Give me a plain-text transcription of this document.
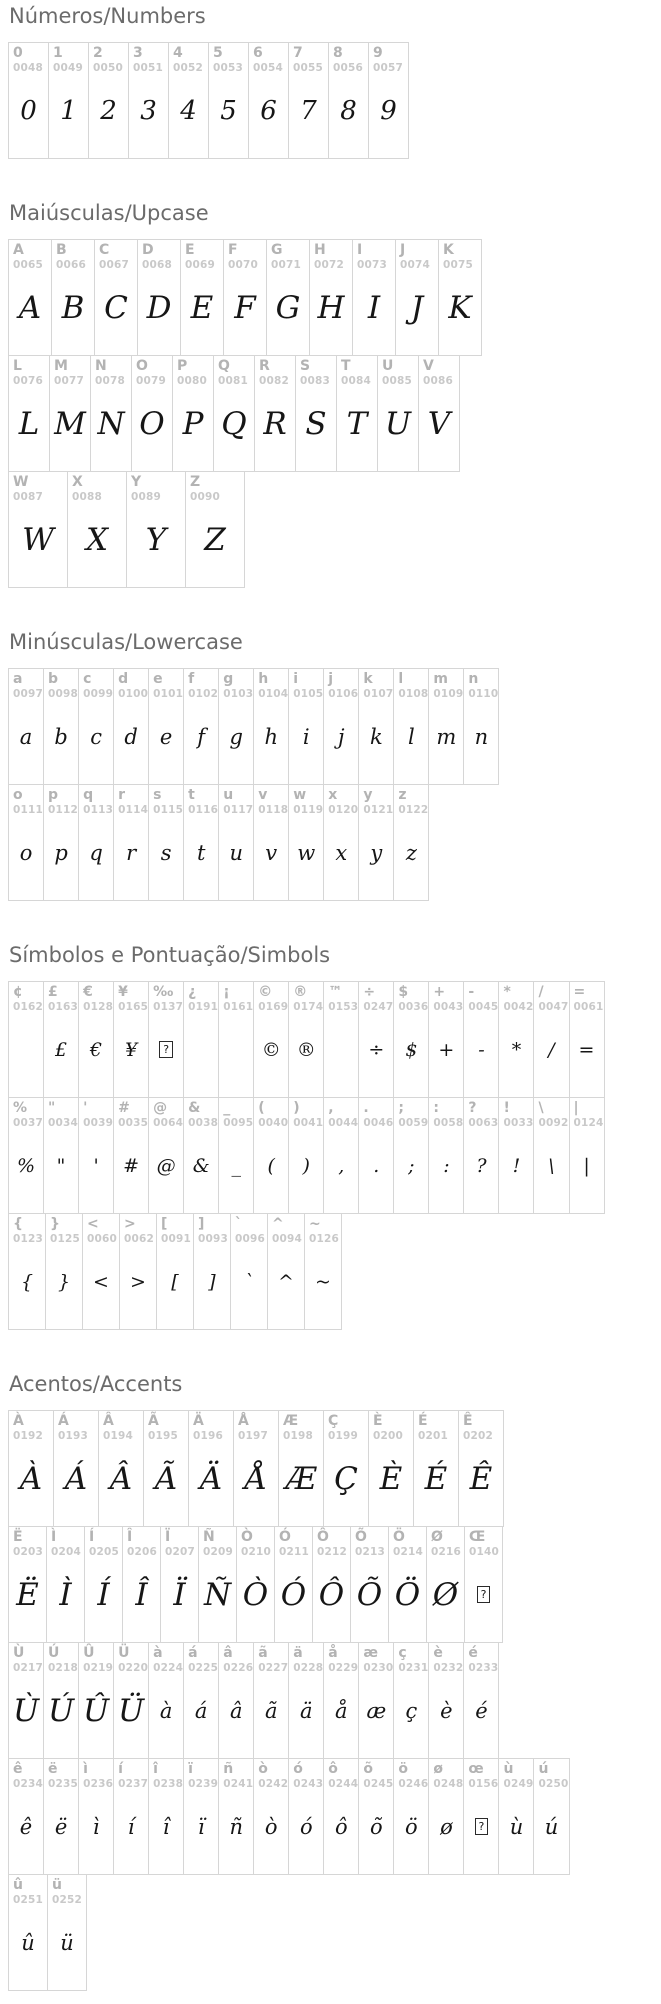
Números/Numbers
0
0048
0
1
0049
1
2
0050
2
3
0051
3
4
0052
4
5
0053
5
6
0054
6
7
0055
7
8
0056
8
9
0057
9
Maiúsculas/Upcase
A
0065
A
B
0066
B
C
0067
C
D
0068
D
E
0069
E
F
0070
F
G
0071
G
H
0072
H
I
0073
I
J
0074
J
K
0075
K
L
0076
L
M
0077
M
N
0078
N
O
0079
O
P
0080
P
Q
0081
Q
R
0082
R
S
0083
S
T
0084
T
U
0085
U
V
0086
V
W
0087
W
X
0088
X
Y
0089
Y
Z
0090
Z
Minúsculas/Lowercase
a
0097
a
b
0098
b
c
0099
c
d
0100
d
e
0101
e
f
0102
f
g
0103
g
h
0104
h
i
0105
i
j
0106
j
k
0107
k
l
0108
l
m
0109
m
n
0110
n
o
0111
o
p
0112
p
q
0113
q
r
0114
r
s
0115
s
t
0116
t
u
0117
u
v
0118
v
w
0119
w
x
0120
x
y
0121
y
z
0122
z
Símbolos e Pontuação/Simbols
¢
0162
£
0163
£
€
0128
€
¥
0165
¥
‰
0137
?
¿
0191
¡
0161
©
0169
©
®
0174
®
™
0153
÷
0247
÷
$
0036
$
+
0043
+
-
0045
-
*
0042
*
/
0047
/
=
0061
=
%
0037
%
"
0034
"
'
0039
'
#
0035
#
@
0064
@
&
0038
&
_
0095
_
(
0040
(
)
0041
)
,
0044
,
.
0046
.
;
0059
;
:
0058
:
?
0063
?
!
0033
!
\
0092
\
|
0124
|
{
0123
{
}
0125
}
<
0060
<
>
0062
>
[
0091
[
]
0093
]
`
0096
`
^
0094
^
~
0126
~
Acentos/Accents
À
0192
À
Á
0193
Á
Â
0194
Â
Ã
0195
Ã
Ä
0196
Ä
Å
0197
Å
Æ
0198
Æ
Ç
0199
Ç
È
0200
È
É
0201
É
Ê
0202
Ê
Ë
0203
Ë
Ì
0204
Ì
Í
0205
Í
Î
0206
Î
Ï
0207
Ï
Ñ
0209
Ñ
Ò
0210
Ò
Ó
0211
Ó
Ô
0212
Ô
Õ
0213
Õ
Ö
0214
Ö
Ø
0216
Ø
Œ
0140
?
Ù
0217
Ù
Ú
0218
Ú
Û
0219
Û
Ü
0220
Ü
à
0224
à
á
0225
á
â
0226
â
ã
0227
ã
ä
0228
ä
å
0229
å
æ
0230
æ
ç
0231
ç
è
0232
è
é
0233
é
ê
0234
ê
ë
0235
ë
ì
0236
ì
í
0237
í
î
0238
î
ï
0239
ï
ñ
0241
ñ
ò
0242
ò
ó
0243
ó
ô
0244
ô
õ
0245
õ
ö
0246
ö
ø
0248
ø
œ
0156
?
ù
0249
ù
ú
0250
ú
û
0251
û
ü
0252
ü
